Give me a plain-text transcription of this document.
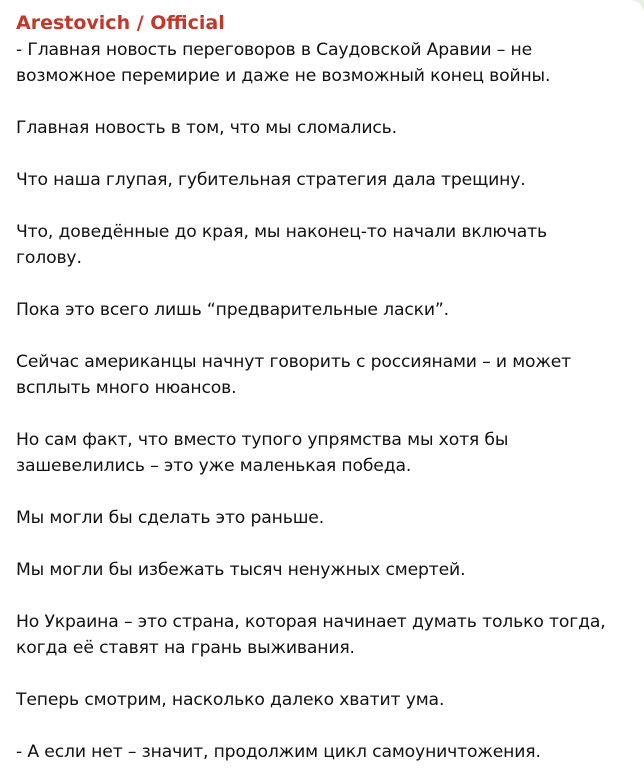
Arestovich / Official
- Главная новость переговоров в Саудовской Аравии – не
возможное перемирие и даже не возможный конец войны.
Главная новость в том, что мы сломались.
Что наша глупая, губительная стратегия дала трещину.
Что, доведённые до края, мы наконец-то начали включать
голову.
Пока это всего лишь “предварительные ласки”.
Сейчас американцы начнут говорить с россиянами – и может
всплыть много нюансов.
Но сам факт, что вместо тупого упрямства мы хотя бы
зашевелились – это уже маленькая победа.
Мы могли бы сделать это раньше.
Мы могли бы избежать тысяч ненужных смертей.
Но Украина – это страна, которая начинает думать только тогда,
когда её ставят на грань выживания.
Теперь смотрим, насколько далеко хватит ума.
- А если нет – значит, продолжим цикл самоуничтожения.
